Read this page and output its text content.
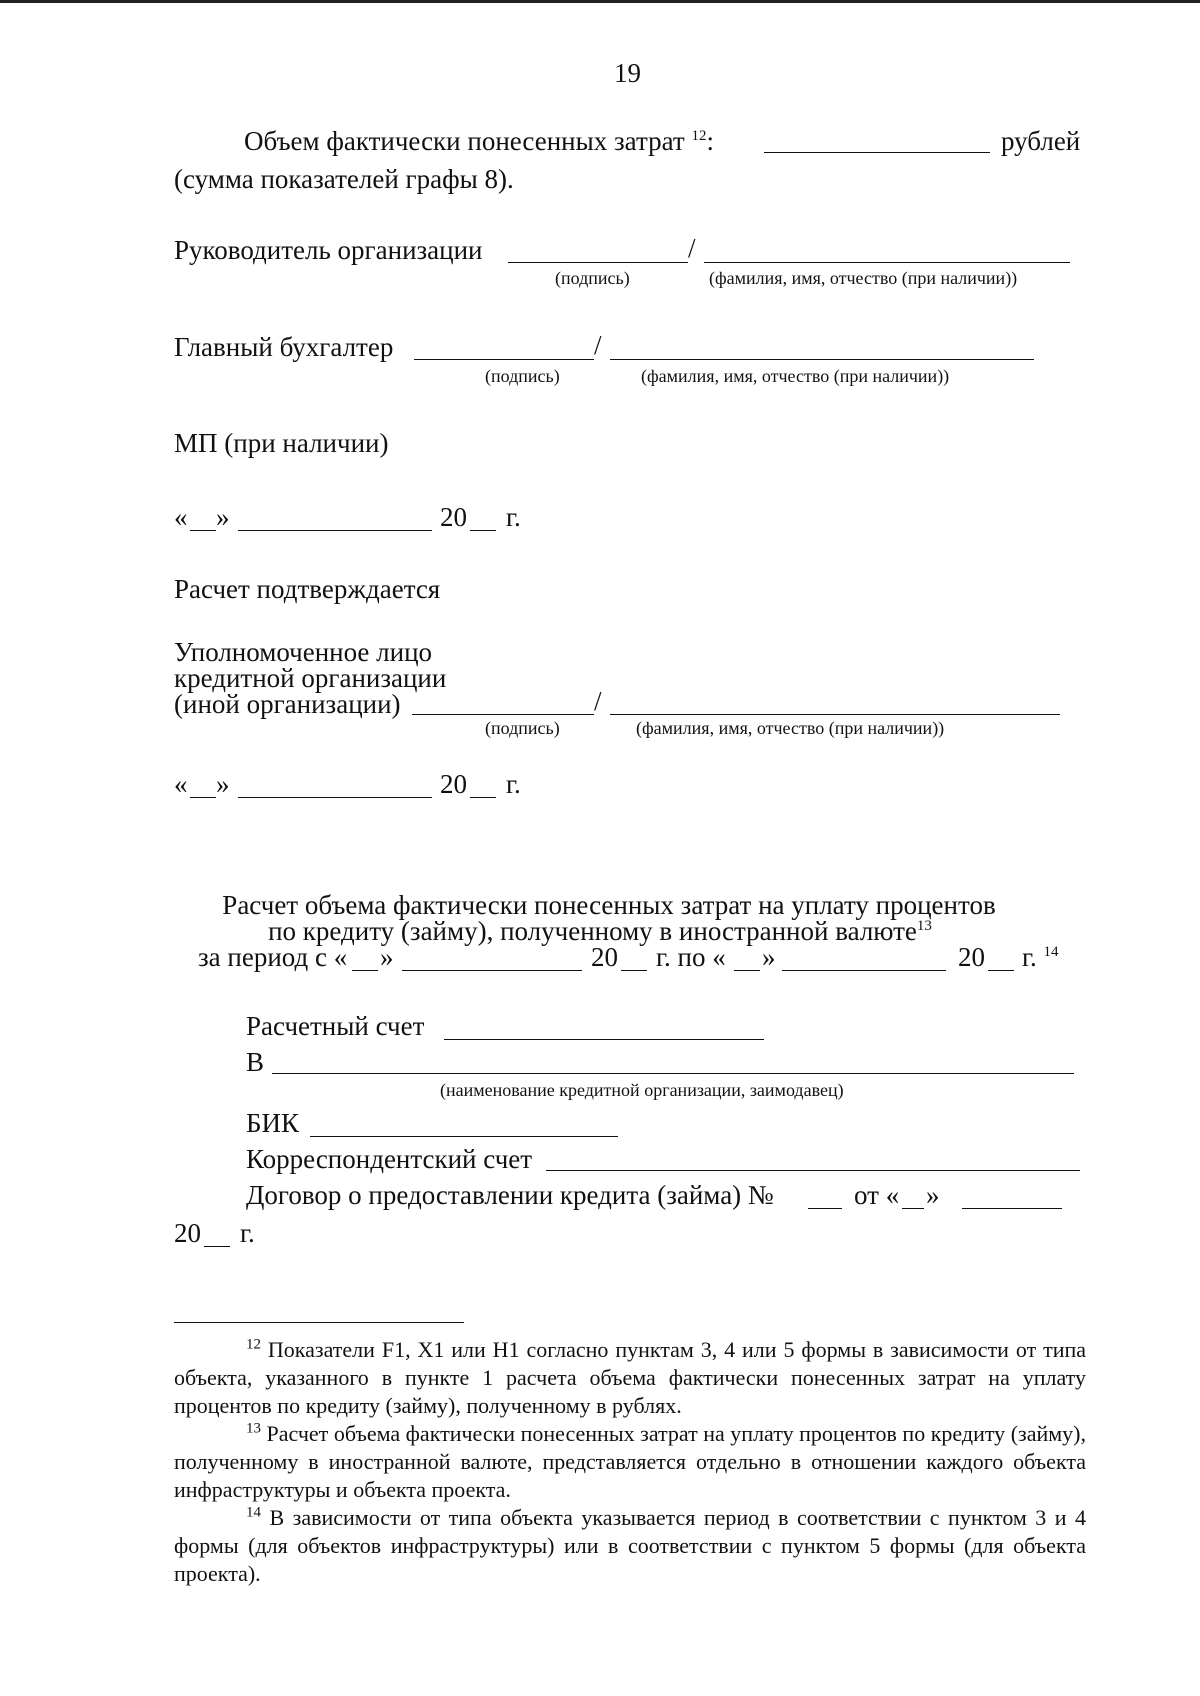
19
Объем фактически понесенных затрат $^{12}$:	рублей
(сумма показателей графы 8).
Руководитель организации	/
(подпись)	(фамилия, имя, отчество (при наличии))
Главный бухгалтер	/
(подпись)	(фамилия, имя, отчество (при наличии))
МП (при наличии)
« »	20 г.
Расчет подтверждается
Уполномоченное лицо
кредитной организации
(иной организации)	/
(подпись)	(фамилия, имя, отчество (при наличии))
« »	20 г.
Расчет объема фактически понесенных затрат на уплату процентов
по кредиту (займу), полученному в иностранной валюте$^{13}$
за период с « »	20 г. по « »	20 г. $^{14}$
Расчетный счет
В
(наименование кредитной организации, заимодавец)
БИК
Корреспондентский счет
Договор о предоставлении кредита (займа) №	от « »
20 г.

$^{12}$ Показатели F1, X1 или H1 согласно пунктам 3, 4 или 5 формы в зависимости от типа объекта, указанного в пункте 1 расчета объема фактически понесенных затрат на уплату процентов по кредиту (займу), полученному в рублях.

$^{13}$ Расчет объема фактически понесенных затрат на уплату процентов по кредиту (займу), полученному в иностранной валюте, представляется отдельно в отношении каждого объекта инфраструктуры и объекта проекта.

$^{14}$ В зависимости от типа объекта указывается период в соответствии с пунктом 3 и 4 формы (для объектов инфраструктуры) или в соответствии с пунктом 5 формы (для объекта проекта).
